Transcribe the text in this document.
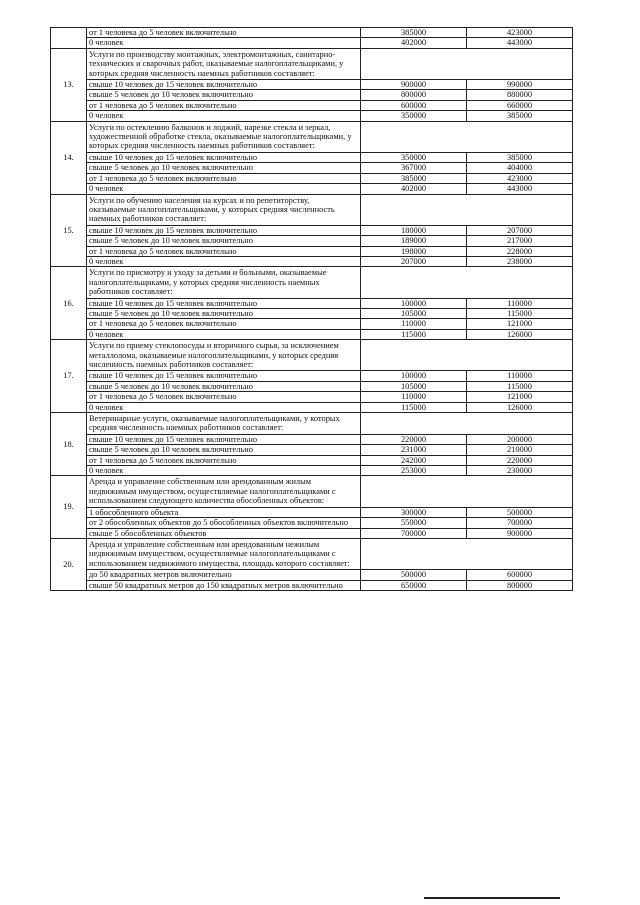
	от 1 человека до 5 человек включительно	385000	423000
	0 человек	402000	443000
13.	Услуги по производству монтажных, электромонтажных, санитарно-технических и сварочных работ, оказываемые налогоплательщиками, у которых средняя численность наемных работников составляет:		
	свыше 10 человек до 15 человек включительно	900000	990000
	свыше 5 человек до 10 человек включительно	800000	880000
	от 1 человека до 5 человек включительно	600000	660000
	0 человек	350000	385000
14.	Услуги по остеклению балконов и лоджий, нарезке стекла и зеркал, художественной обработке стекла, оказываемые налогоплательщиками, у которых средняя численность наемных работников составляет:		
	свыше 10 человек до 15 человек включительно	350000	385000
	свыше 5 человек до 10 человек включительно	367000	404000
	от 1 человека до 5 человек включительно	385000	423000
	0 человек	402000	443000
15.	Услуги по обучению населения на курсах и по репетиторству, оказываемые налогоплательщиками, у которых средняя численность наемных работников составляет:		
	свыше 10 человек до 15 человек включительно	180000	207000
	свыше 5 человек до 10 человек включительно	189000	217000
	от 1 человека до 5 человек включительно	198000	228000
	0 человек	207000	238000
16.	Услуги по присмотру и уходу за детьми и больными, оказываемые налогоплательщиками, у которых средняя численность наемных работников составляет:		
	свыше 10 человек до 15 человек включительно	100000	110000
	свыше 5 человек до 10 человек включительно	105000	115000
	от 1 человека до 5 человек включительно	110000	121000
	0 человек	115000	126000
17.	Услуги по приему стеклопосуды и вторичного сырья, за исключением металлолома, оказываемые налогоплательщиками, у которых средняя численность наемных работников составляет:		
	свыше 10 человек до 15 человек включительно	100000	110000
	свыше 5 человек до 10 человек включительно	105000	115000
	от 1 человека до 5 человек включительно	110000	121000
	0 человек	115000	126000
18.	Ветеринарные услуги, оказываемые налогоплательщиками, у которых средняя численность наемных работников составляет:		
	свыше 10 человек до 15 человек включительно	220000	200000
	свыше 5 человек до 10 человек включительно	231000	210000
	от 1 человека до 5 человек включительно	242000	220000
	0 человек	253000	230000
19.	Аренда и управление собственным или арендованным жилым недвижимым имуществом, осуществляемые налогоплательщиками с использованием следующего количества обособленных объектов:		
	1 обособленного объекта	300000	500000
	от 2 обособленных объектов до 5 обособленных объектов включительно	550000	700000
	свыше 5 обособленных объектов	700000	900000
20.	Аренда и управление собственным или арендованным нежилым недвижимым имуществом, осуществляемые налогоплательщиками с использованием недвижимого имущества, площадь которого составляет:		
	до 50 квадратных метров включительно	500000	600000
	свыше 50 квадратных метров до 150 квадратных метров включительно	650000	800000
